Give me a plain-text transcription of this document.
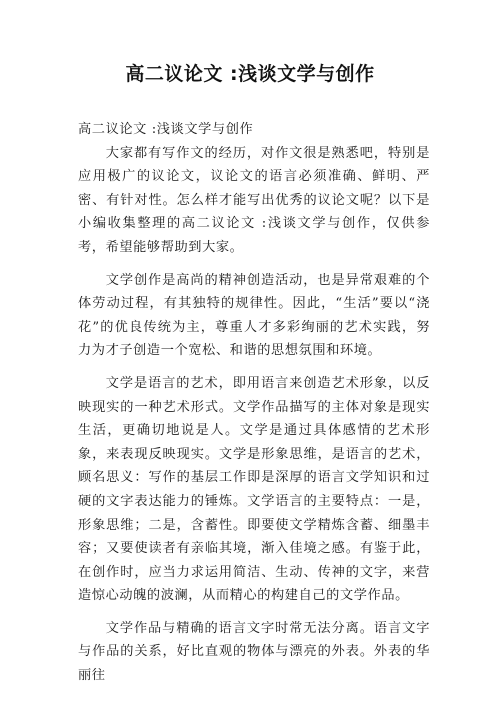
高二议论文 :浅谈文学与创作

高二议论文 :浅谈文学与创作

大家都有写作文的经历，对作文很是熟悉吧，特别是应用极广的议论文，议论文的语言必须准确、鲜明、严密、有针对性。怎么样才能写出优秀的议论文呢？以下是小编收集整理的高二议论文 :浅谈文学与创作，仅供参考，希望能够帮助到大家。

文学创作是高尚的精神创造活动，也是异常艰难的个体劳动过程，有其独特的规律性。因此，“生活”要以“浇花”的优良传统为主，尊重人才多彩绚丽的艺术实践，努力为才子创造一个宽松、和谐的思想氛围和环境。

文学是语言的艺术，即用语言来创造艺术形象，以反映现实的一种艺术形式。文学作品描写的主体对象是现实生活，更确切地说是人。文学是通过具体感情的艺术形象，来表现反映现实。文学是形象思维，是语言的艺术，顾名思义：写作的基层工作即是深厚的语言文学知识和过硬的文字表达能力的锤炼。文学语言的主要特点：一是，形象思维；二是，含蓄性。即要使文学精炼含蓄、细墨丰容；又要使读者有亲临其境，渐入佳境之感。有鉴于此，在创作时，应当力求运用简洁、生动、传神的文字，来营造惊心动魄的波澜，从而精心的构建自己的文学作品。

文学作品与精确的语言文字时常无法分离。语言文字与作品的关系，好比直观的物体与漂亮的外表。外表的华丽往
